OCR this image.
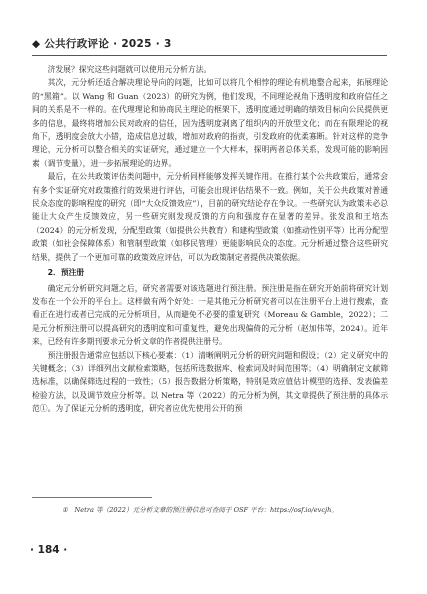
◆ 公共行政评论 · 2025 · 3

济发展？探究这些问题就可以使用元分析方法。

其次，元分析还适合解决理论导向的问题，比如可以将几个相悖的理论有机地整合起来，拓展理论的“黑箱”。以 Wang 和 Guan（2023）的研究为例，他们发现，不同理论视角下透明度和政府信任之间的关系是不一样的。在代理理论和协商民主理论的框架下，透明度通过明确的绩效目标向公民提供更多的信息，最终将增加公民对政府的信任，因为透明度剥离了组织内的开放型文化；而在有限理论的视角下，透明度会放大小错，造成信息过载，增加对政府的指责，引发政府的优柔寡断。针对这样的竞争理论，元分析可以整合相关的实证研究，通过建立一个大样本，探明两者总体关系，发现可能的影响因素（调节变量），进一步拓展理论的边界。

最后，在公共政策评估类问题中，元分析同样能够发挥关键作用。在推行某个公共政策后，通常会有多个实证研究对政策推行的效果进行评估，可能会出现评估结果不一致。例如，关于公共政策对普通民众态度的影响程度的研究（即“大众反馈效应”），目前的研究结论存在争议。一些研究认为政策未必总能让大众产生反馈效应，另一些研究则发现反馈的方向和强度存在显著的差异。张发浪和王培杰（2024）的元分析发现，分配型政策（如提供公共教育）和建构型政策（如推动性别平等）比再分配型政策（如社会保障体系）和管制型政策（如移民管理）更能影响民众的态度。元分析通过整合这些研究结果，提供了一个更加可靠的政策效应评估，可以为政策制定者提供决策依据。

2．预注册

确定元分析研究问题之后，研究者需要对该选题进行预注册。预注册是指在研究开始前将研究计划发布在一个公开的平台上。这样做有两个好处：一是其他元分析研究者可以在注册平台上进行搜索，查看正在进行或者已完成的元分析项目，从而避免不必要的重复研究（Moreau & Gamble，2022）；二是元分析预注册可以提高研究的透明度和可重复性，避免出现偏倚的元分析（赵加伟等，2024）。近年来，已经有许多期刊要求元分析文章的作者提供注册号。

预注册报告通常应包括以下核心要素：（1）清晰阐明元分析的研究问题和假设；（2）定义研究中的关键概念；（3）详细列出文献检索策略，包括所选数据库、检索词及时间范围等；（4）明确制定文献筛选标准，以确保筛选过程的一致性；（5）报告数据分析策略，特别是效应值估计模型的选择、发表偏差检验方法，以及调节效应分析等。以 Netra 等（2022）的元分析为例，其文章提供了预注册的具体示范①。为了保证元分析的透明度，研究者应优先使用公开的预

①　Netra 等（2022）元分析文章的预注册信息可查阅于 OSF 平台：https://osf.io/evcjh。
· 184 ·
